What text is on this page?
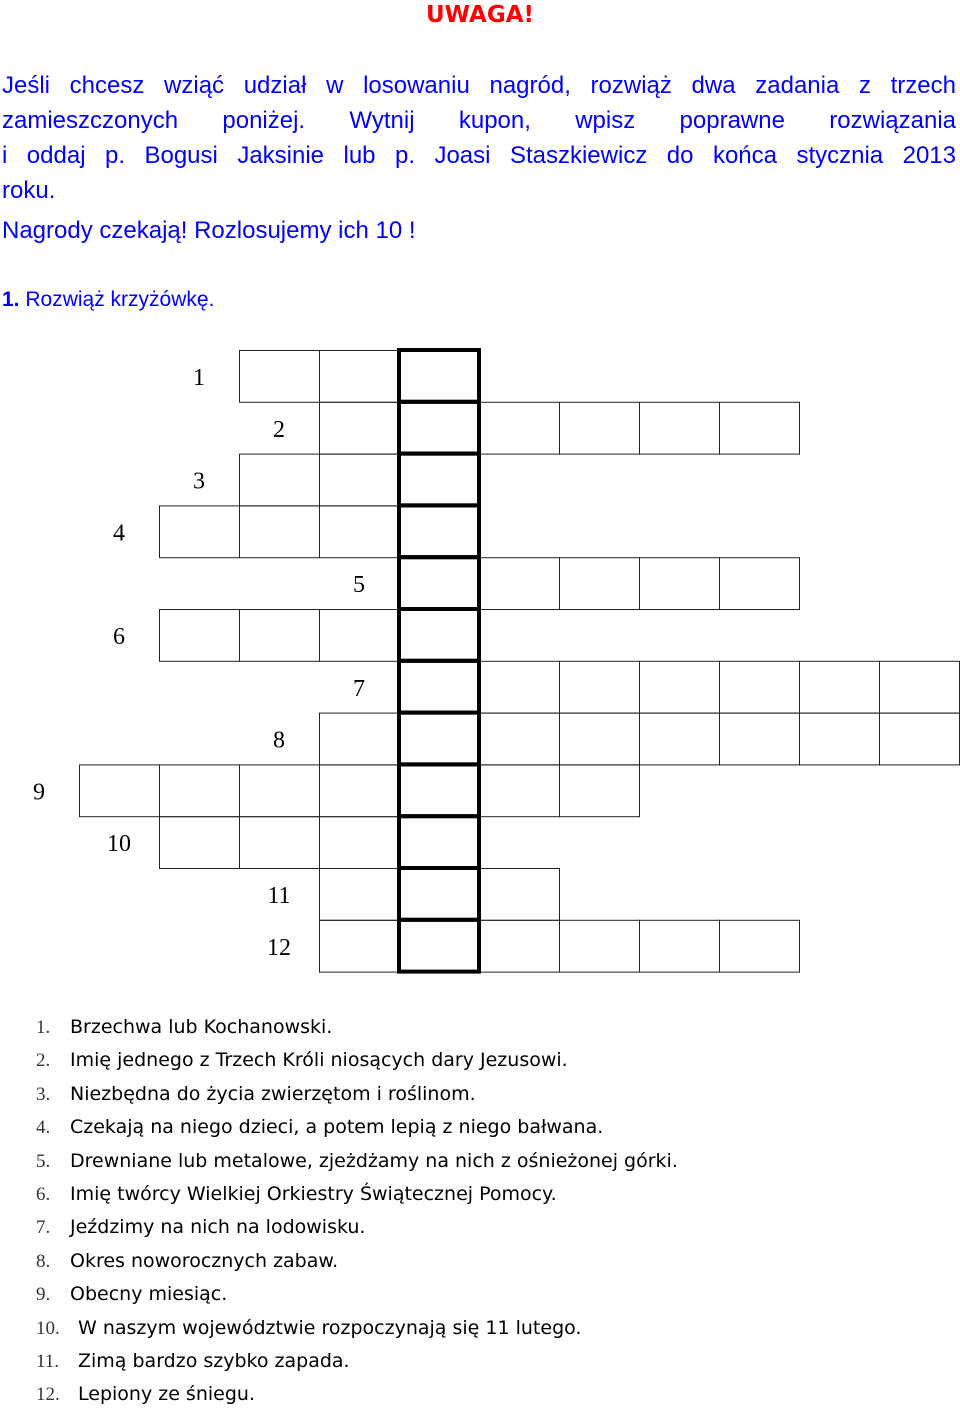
UWAGA!

Jeśli chcesz wziąć udział w losowaniu nagród, rozwiąż dwa zadania z trzech

zamieszczonych poniżej. Wytnij kupon, wpisz poprawne rozwiązania

i oddaj p. Bogusi Jaksinie lub p. Joasi Staszkiewicz do końca stycznia 2013

roku.

Nagrody czekają! Rozlosujemy ich 10 !
1. Rozwiąż krzyżówkę.
1
2
3
4
5
6
7
8
9
10
11
12
1. Brzechwa lub Kochanowski.
2. Imię jednego z Trzech Króli niosących dary Jezusowi.
3. Niezbędna do życia zwierzętom i roślinom.
4. Czekają na niego dzieci, a potem lepią z niego bałwana.
5. Drewniane lub metalowe, zjeżdżamy na nich z ośnieżonej górki.
6. Imię twórcy Wielkiej Orkiestry Świątecznej Pomocy.
7. Jeździmy na nich na lodowisku.
8. Okres noworocznych zabaw.
9. Obecny miesiąc.
10. W naszym województwie rozpoczynają się 11 lutego.
11. Zimą bardzo szybko zapada.
12. Lepiony ze śniegu.
